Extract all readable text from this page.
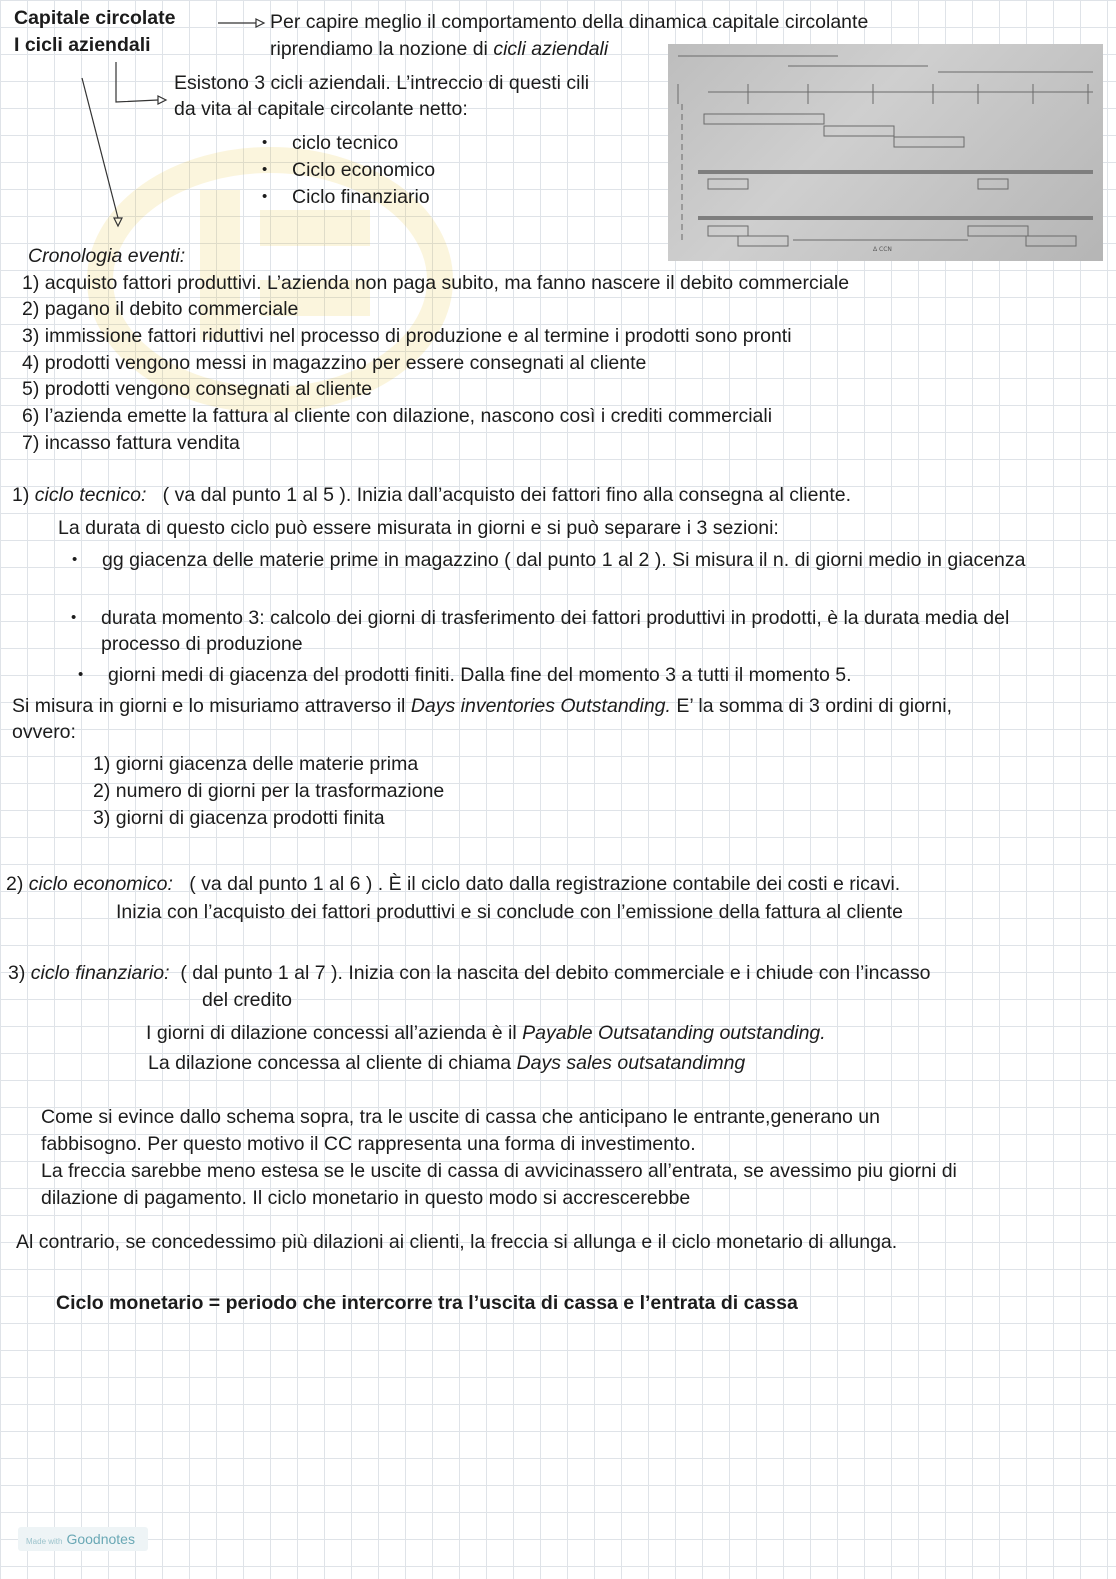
Capitale circolate

I cicli aziendali

Per capire meglio il comportamento della dinamica capitale circolante

riprendiamo la nozione di cicli aziendali

Esistono 3 cicli aziendali. L’intreccio di questi cili

da vita al capitale circolante netto:

• ciclo tecnico

• Ciclo economico

• Ciclo finanziario

Δ CCN

Cronologia eventi:

1) acquisto fattori produttivi. L’azienda non paga subito, ma fanno nascere il debito commerciale

2) pagano il debito commerciale

3) immissione fattori riduttivi nel processo di produzione e al termine i prodotti sono pronti

4) prodotti vengono messi in magazzino per essere consegnati al cliente

5) prodotti vengono consegnati al cliente

6) l’azienda emette la fattura al cliente con dilazione, nascono così i crediti commerciali

7) incasso fattura vendita

1) ciclo tecnico: ( va dal punto 1 al 5 ). Inizia dall’acquisto dei fattori fino alla consegna al cliente.

La durata di questo ciclo può essere misurata in giorni e si può separare i 3 sezioni:

• gg giacenza delle materie prime in magazzino ( dal punto 1 al 2 ). Si misura il n. di giorni medio in giacenza

• durata momento 3: calcolo dei giorni di trasferimento dei fattori produttivi in prodotti, è la durata media del processo di produzione

• giorni medi di giacenza del prodotti finiti. Dalla fine del momento 3 a tutti il momento 5.

Si misura in giorni e lo misuriamo attraverso il Days inventories Outstanding. E’ la somma di 3 ordini di giorni,

ovvero:

1) giorni giacenza delle materie prima

2) numero di giorni per la trasformazione

3) giorni di giacenza prodotti finita

2) ciclo economico: ( va dal punto 1 al 6 ) . È il ciclo dato dalla registrazione contabile dei costi e ricavi.

Inizia con l’acquisto dei fattori produttivi e si conclude con l’emissione della fattura al cliente

3) ciclo finanziario: ( dal punto 1 al 7 ). Inizia con la nascita del debito commerciale e i chiude con l’incasso

del credito

I giorni di dilazione concessi all’azienda è il Payable Outsatanding outstanding.

La dilazione concessa al cliente di chiama Days sales outsatandimng

Come si evince dallo schema sopra, tra le uscite di cassa che anticipano le entrante,generano un

fabbisogno. Per questo motivo il CC rappresenta una forma di investimento.

La freccia sarebbe meno estesa se le uscite di cassa di avvicinassero all’entrata, se avessimo piu giorni di

dilazione di pagamento. Il ciclo monetario in questo modo si accrescerebbe

Al contrario, se concedessimo più dilazioni ai clienti, la freccia si allunga e il ciclo monetario di allunga.

Ciclo monetario = periodo che intercorre tra l’uscita di cassa e l’entrata di cassa

Made with Goodnotes
